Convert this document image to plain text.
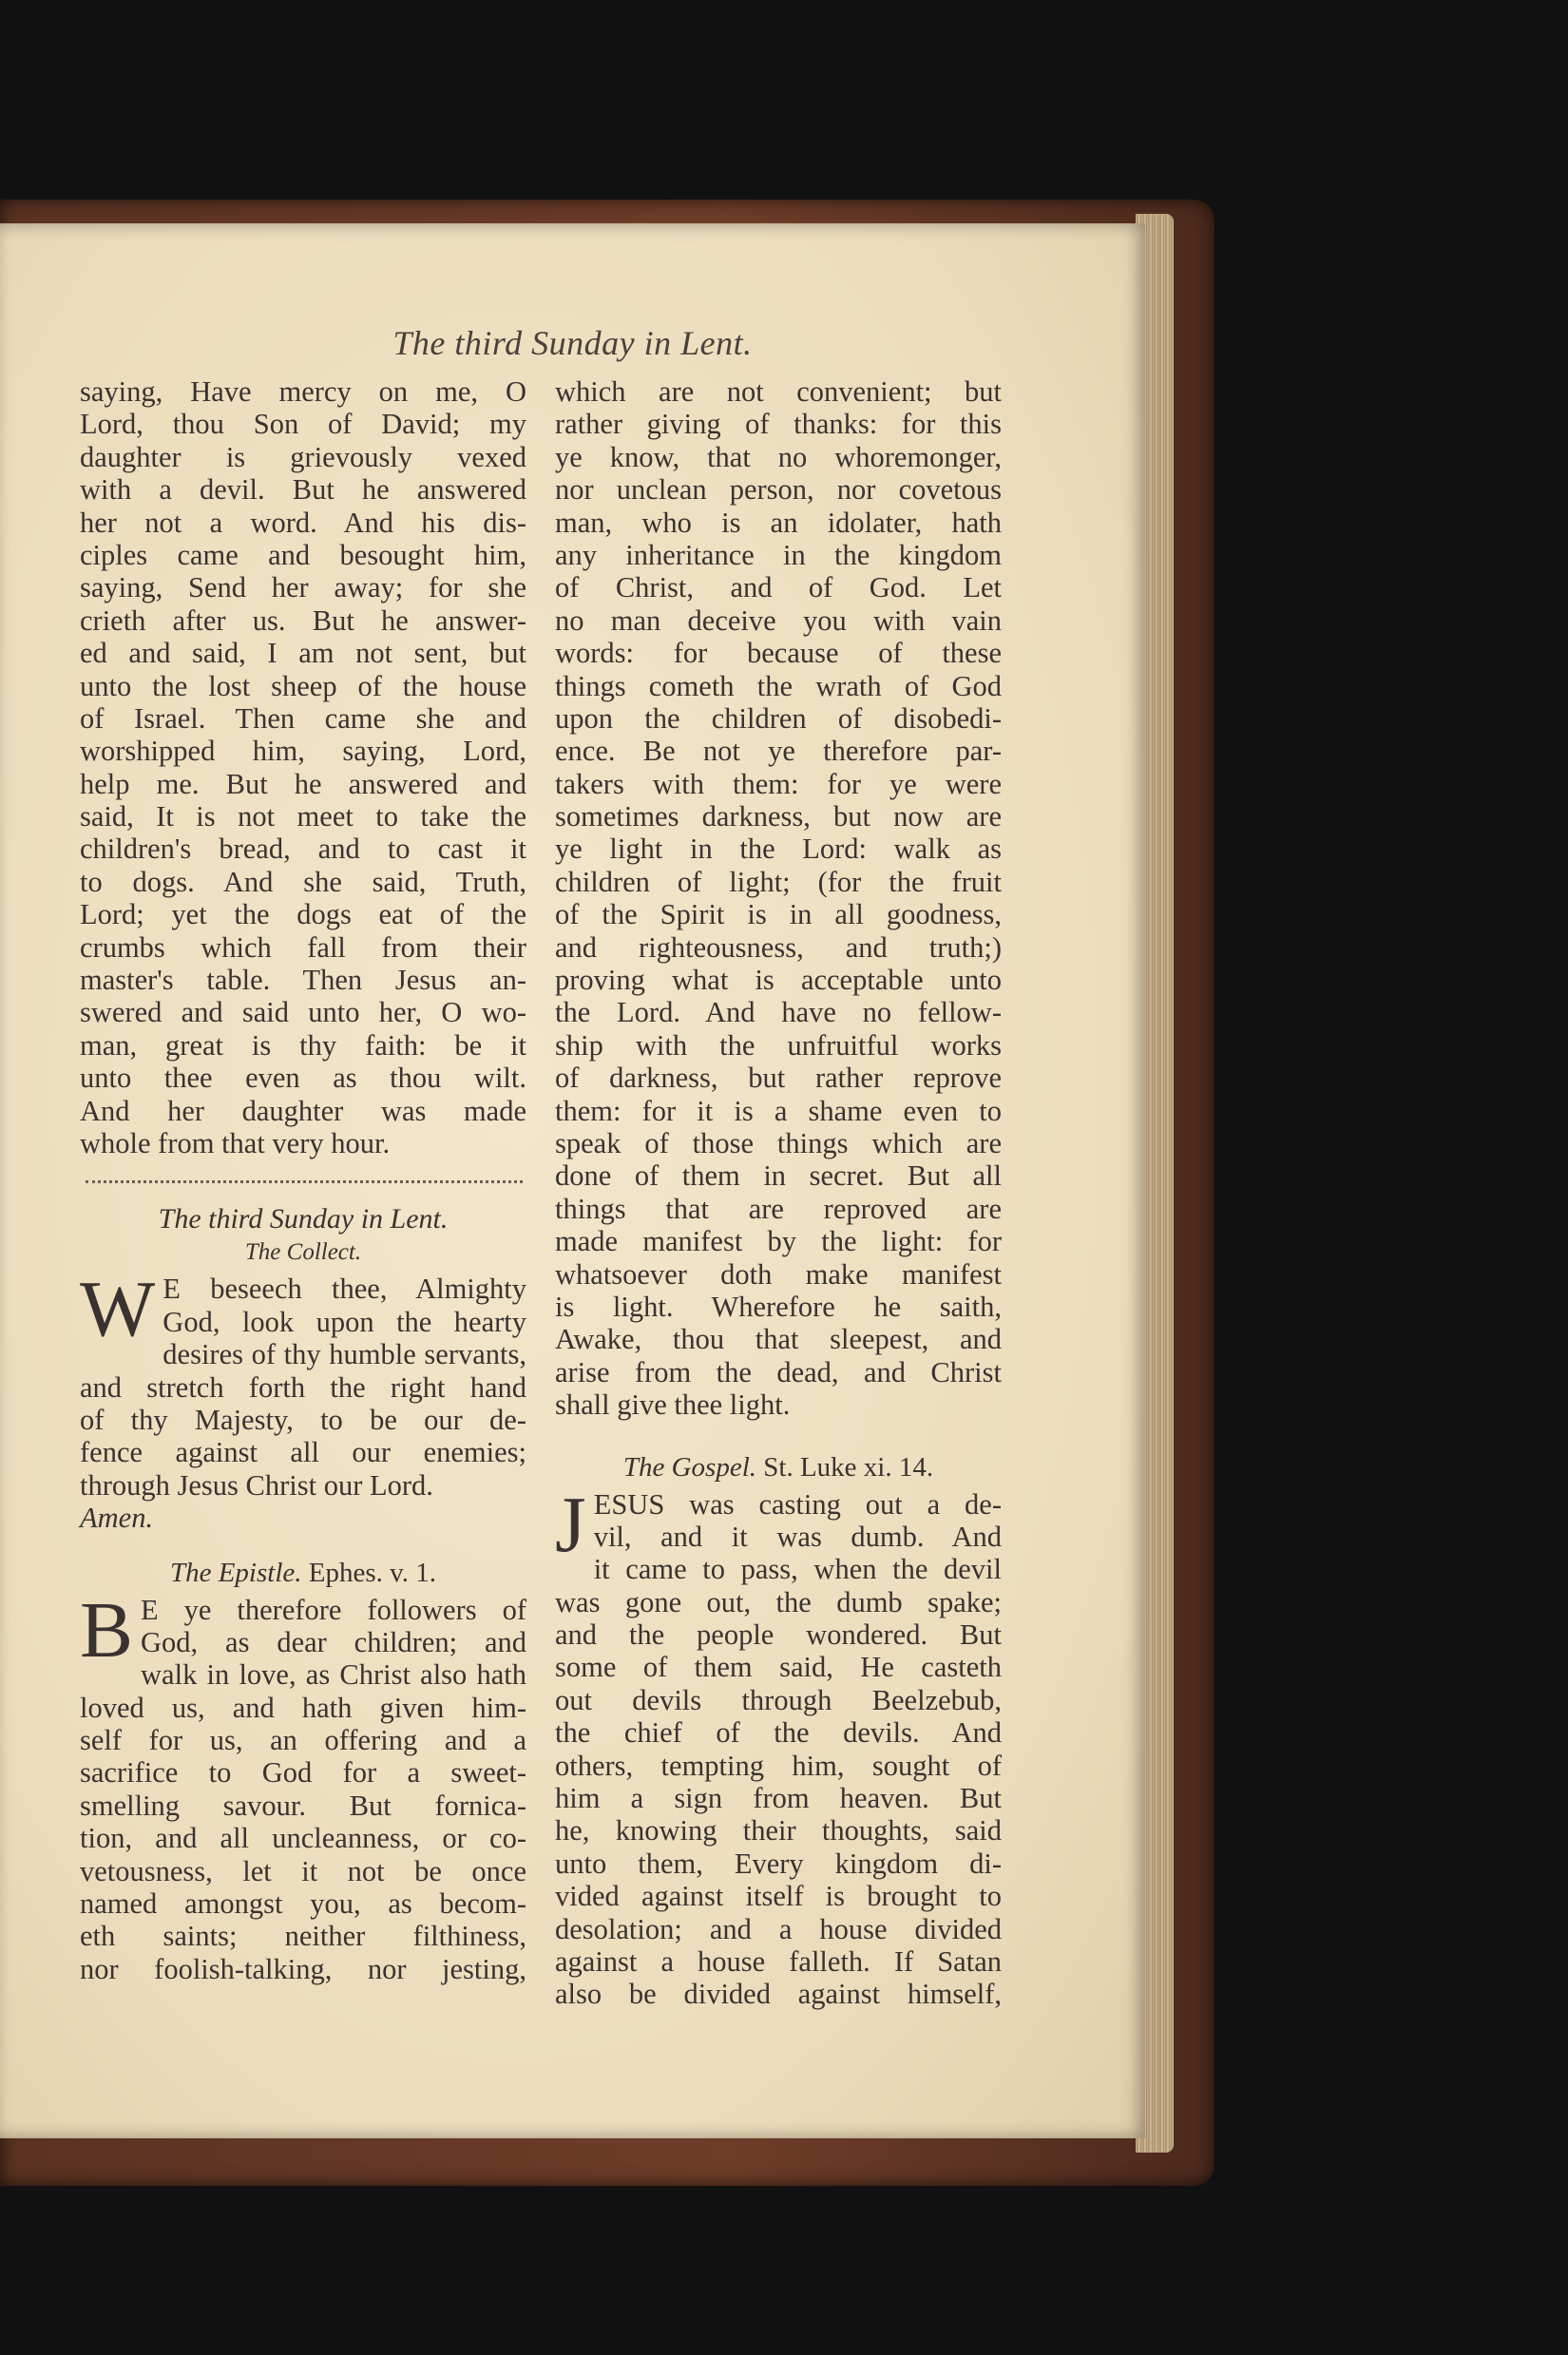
The third Sunday in Lent.
saying, Have mercy on me, O
Lord, thou Son of David; my
daughter is grievously vexed
with a devil. But he answered
her not a word. And his dis-
ciples came and besought him,
saying, Send her away; for she
crieth after us. But he answer-
ed and said, I am not sent, but
unto the lost sheep of the house
of Israel. Then came she and
worshipped him, saying, Lord,
help me. But he answered and
said, It is not meet to take the
children's bread, and to cast it
to dogs. And she said, Truth,
Lord; yet the dogs eat of the
crumbs which fall from their
master's table. Then Jesus an-
swered and said unto her, O wo-
man, great is thy faith: be it
unto thee even as thou wilt.
And her daughter was made
whole from that very hour.
The third Sunday in Lent.
The Collect.
W E beseech thee, Almighty
God, look upon the hearty
desires of thy humble servants,
and stretch forth the right hand
of thy Majesty, to be our de-
fence against all our enemies;
through Jesus Christ our Lord.
Amen.
The Epistle. Ephes. v. 1.
B E ye therefore followers of
God, as dear children; and
walk in love, as Christ also hath
loved us, and hath given him-
self for us, an offering and a
sacrifice to God for a sweet-
smelling savour. But fornica-
tion, and all uncleanness, or co-
vetousness, let it not be once
named amongst you, as becom-
eth saints; neither filthiness,
nor foolish-talking, nor jesting,
which are not convenient; but
rather giving of thanks: for this
ye know, that no whoremonger,
nor unclean person, nor covetous
man, who is an idolater, hath
any inheritance in the kingdom
of Christ, and of God. Let
no man deceive you with vain
words: for because of these
things cometh the wrath of God
upon the children of disobedi-
ence. Be not ye therefore par-
takers with them: for ye were
sometimes darkness, but now are
ye light in the Lord: walk as
children of light; (for the fruit
of the Spirit is in all goodness,
and righteousness, and truth;)
proving what is acceptable unto
the Lord. And have no fellow-
ship with the unfruitful works
of darkness, but rather reprove
them: for it is a shame even to
speak of those things which are
done of them in secret. But all
things that are reproved are
made manifest by the light: for
whatsoever doth make manifest
is light. Wherefore he saith,
Awake, thou that sleepest, and
arise from the dead, and Christ
shall give thee light.
The Gospel. St. Luke xi. 14.
J ESUS was casting out a de-
vil, and it was dumb. And
it came to pass, when the devil
was gone out, the dumb spake;
and the people wondered. But
some of them said, He casteth
out devils through Beelzebub,
the chief of the devils. And
others, tempting him, sought of
him a sign from heaven. But
he, knowing their thoughts, said
unto them, Every kingdom di-
vided against itself is brought to
desolation; and a house divided
against a house falleth. If Satan
also be divided against himself,
